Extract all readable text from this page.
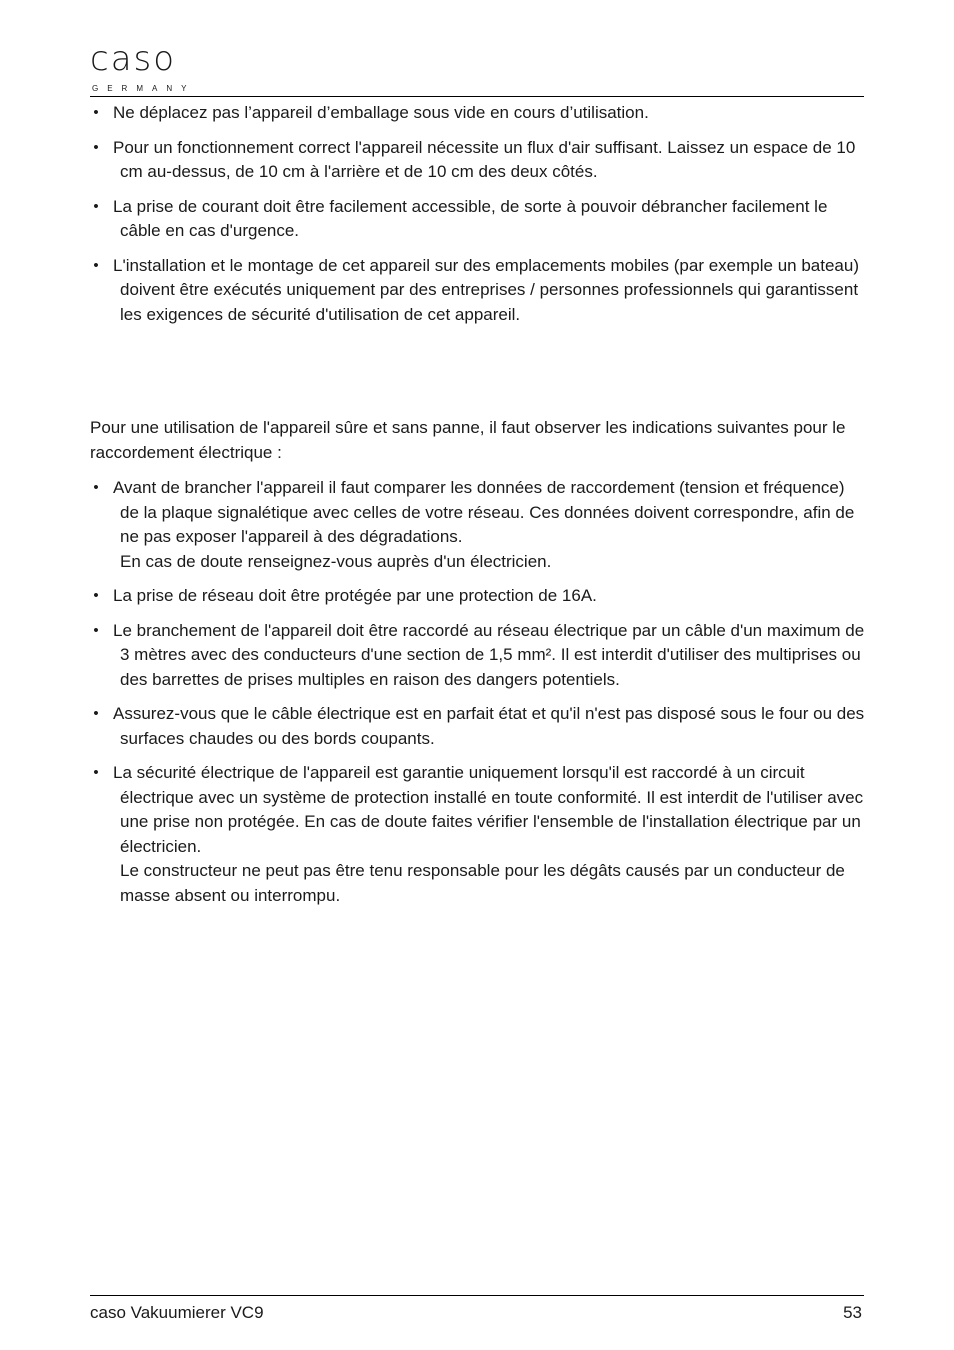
caso
GERMANY
• Ne déplacez pas l’appareil d’emballage sous vide en cours d’utilisation.
• Pour un fonctionnement correct l'appareil nécessite un flux d'air suffisant. Laissez un espace de 10 cm au-dessus, de 10 cm à l'arrière et de 10 cm des deux côtés.
• La prise de courant doit être facilement accessible, de sorte à pouvoir débrancher facilement le câble en cas d'urgence.
• L'installation et le montage de cet appareil sur des emplacements mobiles (par exemple un bateau) doivent être exécutés uniquement par des entreprises / personnes professionnels qui garantissent les exigences de sécurité d'utilisation de cet appareil.

Pour une utilisation de l'appareil sûre et sans panne, il faut observer les indications suivantes pour le raccordement électrique :

• Avant de brancher l'appareil il faut comparer les données de raccordement (tension et fréquence) de la plaque signalétique avec celles de votre réseau. Ces données doivent correspondre, afin de ne pas exposer l'appareil à des dégradations.
En cas de doute renseignez-vous auprès d'un électricien.
• La prise de réseau doit être protégée par une protection de 16A.
• Le branchement de l'appareil doit être raccordé au réseau électrique par un câble d'un maximum de 3 mètres avec des conducteurs d'une section de 1,5 mm². Il est interdit d'utiliser des multiprises ou des barrettes de prises multiples en raison des dangers potentiels.
• Assurez-vous que le câble électrique est en parfait état et qu'il n'est pas disposé sous le four ou des surfaces chaudes ou des bords coupants.
• La sécurité électrique de l'appareil est garantie uniquement lorsqu'il est raccordé à un circuit électrique avec un système de protection installé en toute conformité. Il est interdit de l'utiliser avec une prise non protégée. En cas de doute faites vérifier l'ensemble de l'installation électrique par un électricien.
Le constructeur ne peut pas être tenu responsable pour les dégâts causés par un conducteur de masse absent ou interrompu.
caso Vakuumierer VC9	53
